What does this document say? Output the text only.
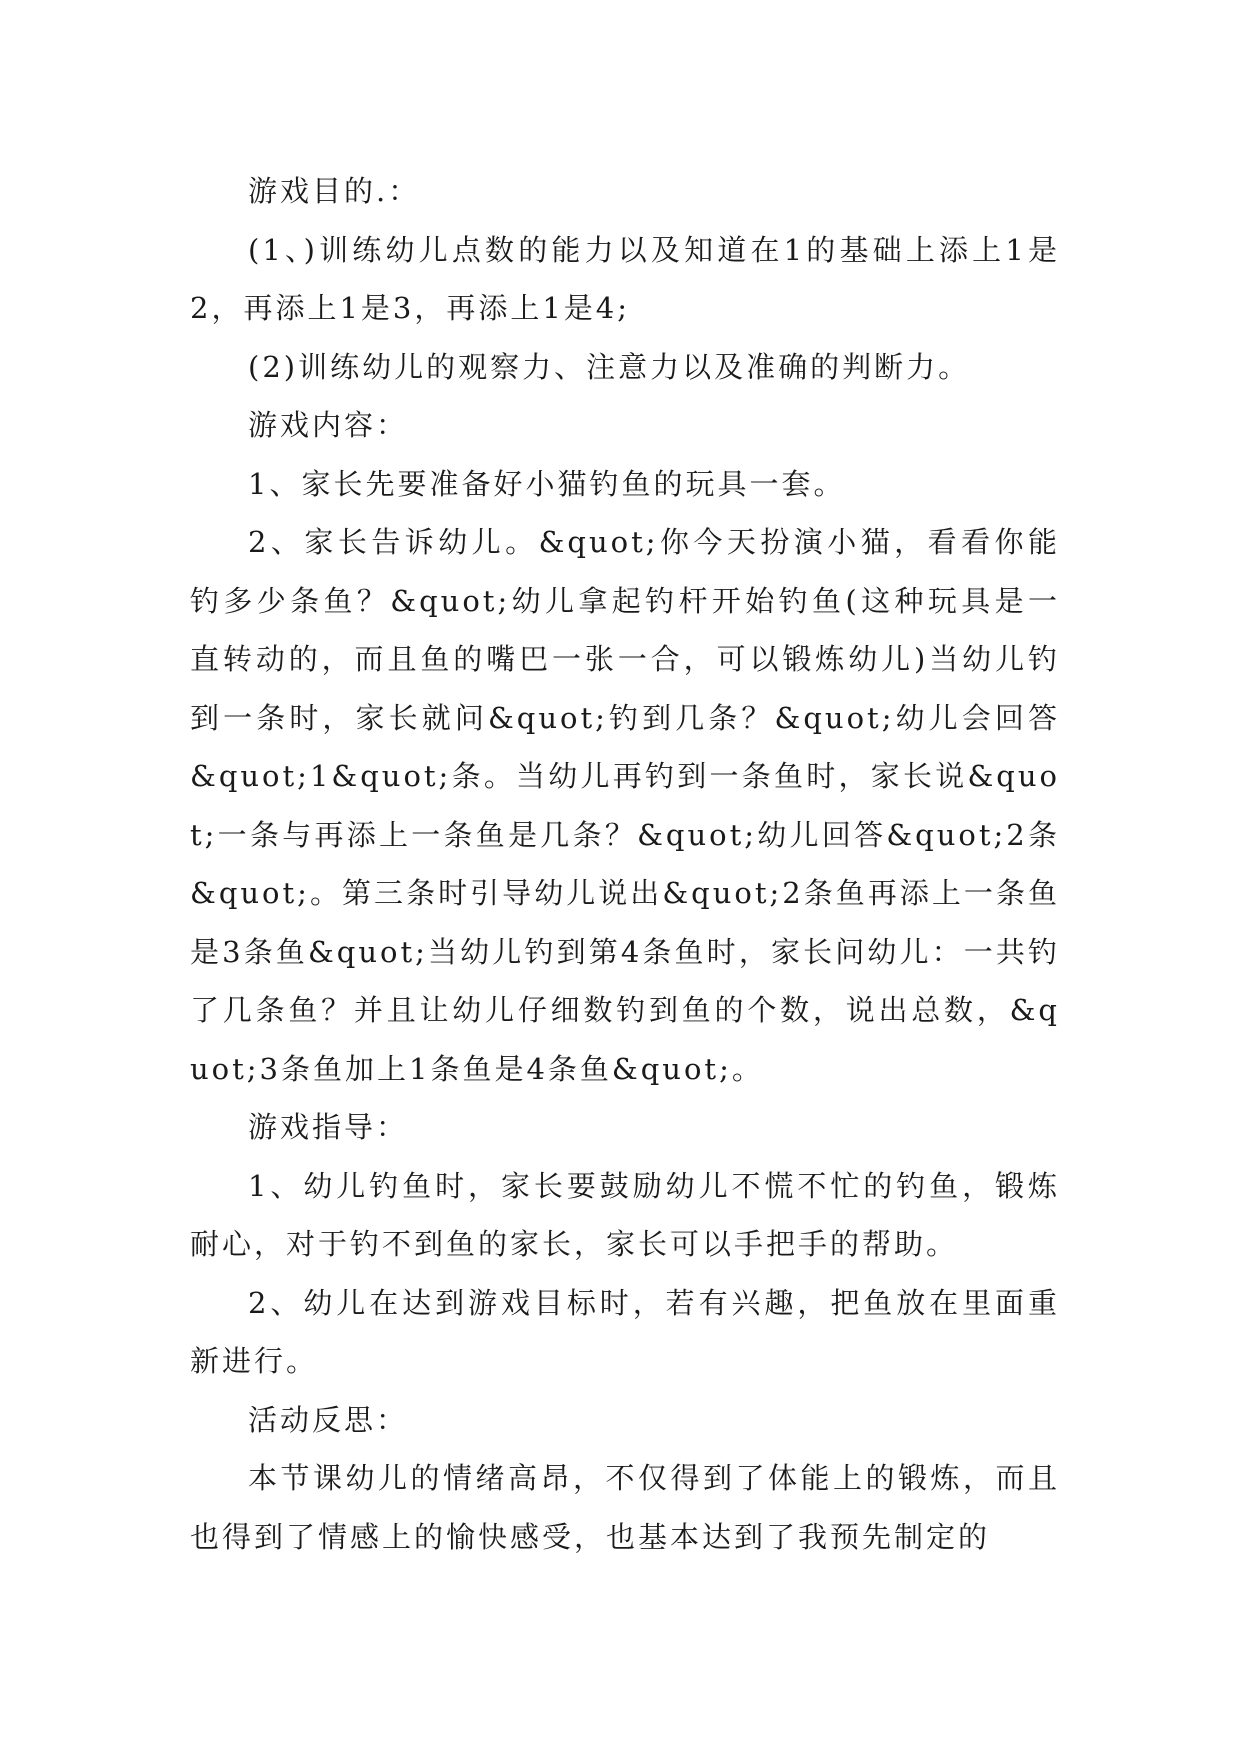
游戏目的.：

(1、)训练幼儿点数的能力以及知道在1的基础上添上1是2，再添上1是3，再添上1是4;

(2)训练幼儿的观察力、注意力以及准确的判断力。

游戏内容：

1、家长先要准备好小猫钓鱼的玩具一套。

2、家长告诉幼儿。&quot;你今天扮演小猫，看看你能钓多少条鱼？&quot;幼儿拿起钓杆开始钓鱼(这种玩具是一直转动的，而且鱼的嘴巴一张一合，可以锻炼幼儿)当幼儿钓到一条时，家长就问&quot;钓到几条？&quot;幼儿会回答&quot;1&quot;条。当幼儿再钓到一条鱼时，家长说&quot;一条与再添上一条鱼是几条？&quot;幼儿回答&quot;2条&quot;。第三条时引导幼儿说出&quot;2条鱼再添上一条鱼是3条鱼&quot;当幼儿钓到第4条鱼时，家长问幼儿：一共钓了几条鱼？并且让幼儿仔细数钓到鱼的个数，说出总数，&quot;3条鱼加上1条鱼是4条鱼&quot;。

游戏指导：

1、幼儿钓鱼时，家长要鼓励幼儿不慌不忙的钓鱼，锻炼耐心，对于钓不到鱼的家长，家长可以手把手的帮助。

2、幼儿在达到游戏目标时，若有兴趣，把鱼放在里面重新进行。

活动反思：

本节课幼儿的情绪高昂，不仅得到了体能上的锻炼，而且也得到了情感上的愉快感受，也基本达到了我预先制定的
